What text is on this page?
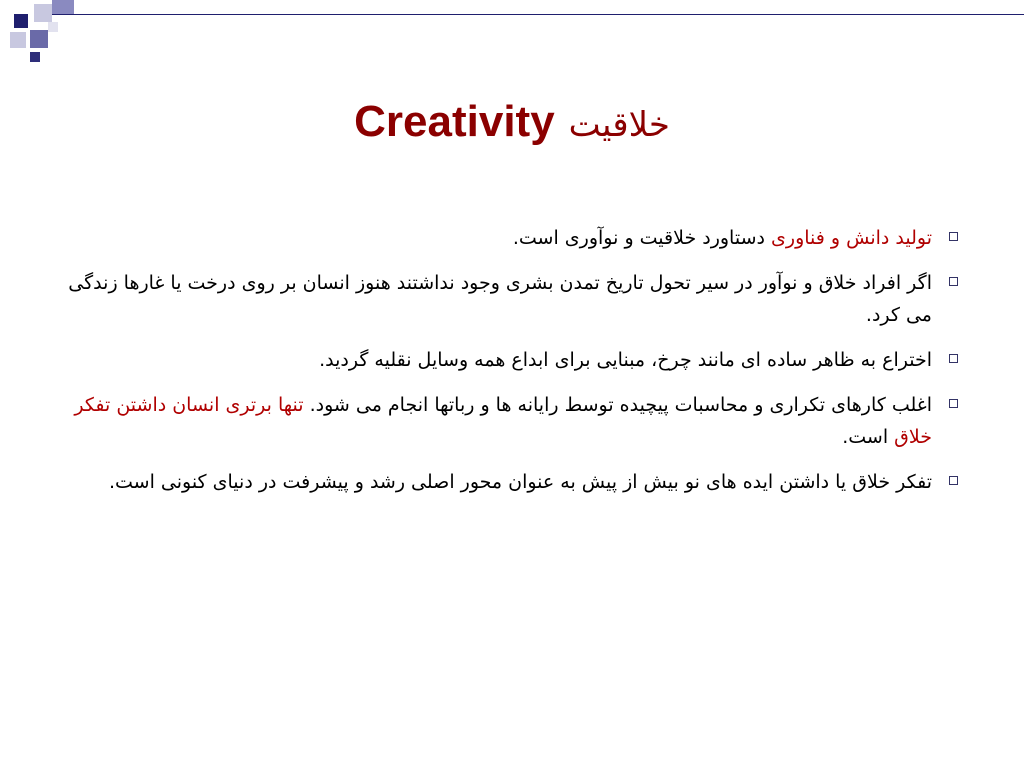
Creativity خلاقیت
تولید دانش و فناوری دستاورد خلاقیت و نوآوری است.
اگر افراد خلاق و نوآور در سیر تحول تاریخ تمدن بشری وجود نداشتند هنوز انسان بر روی درخت یا غارها زندگی می کرد.
اختراع به ظاهر ساده ای مانند چرخ، مبنایی برای ابداع همه وسایل نقلیه گردید.
اغلب کارهای تکراری و محاسبات پیچیده توسط رایانه ها و رباتها انجام می شود. تنها برتری انسان داشتن تفکر خلاق است.
تفکر خلاق یا داشتن ایده های نو بیش از پیش به عنوان محور اصلی رشد و پیشرفت در دنیای کنونی است.
